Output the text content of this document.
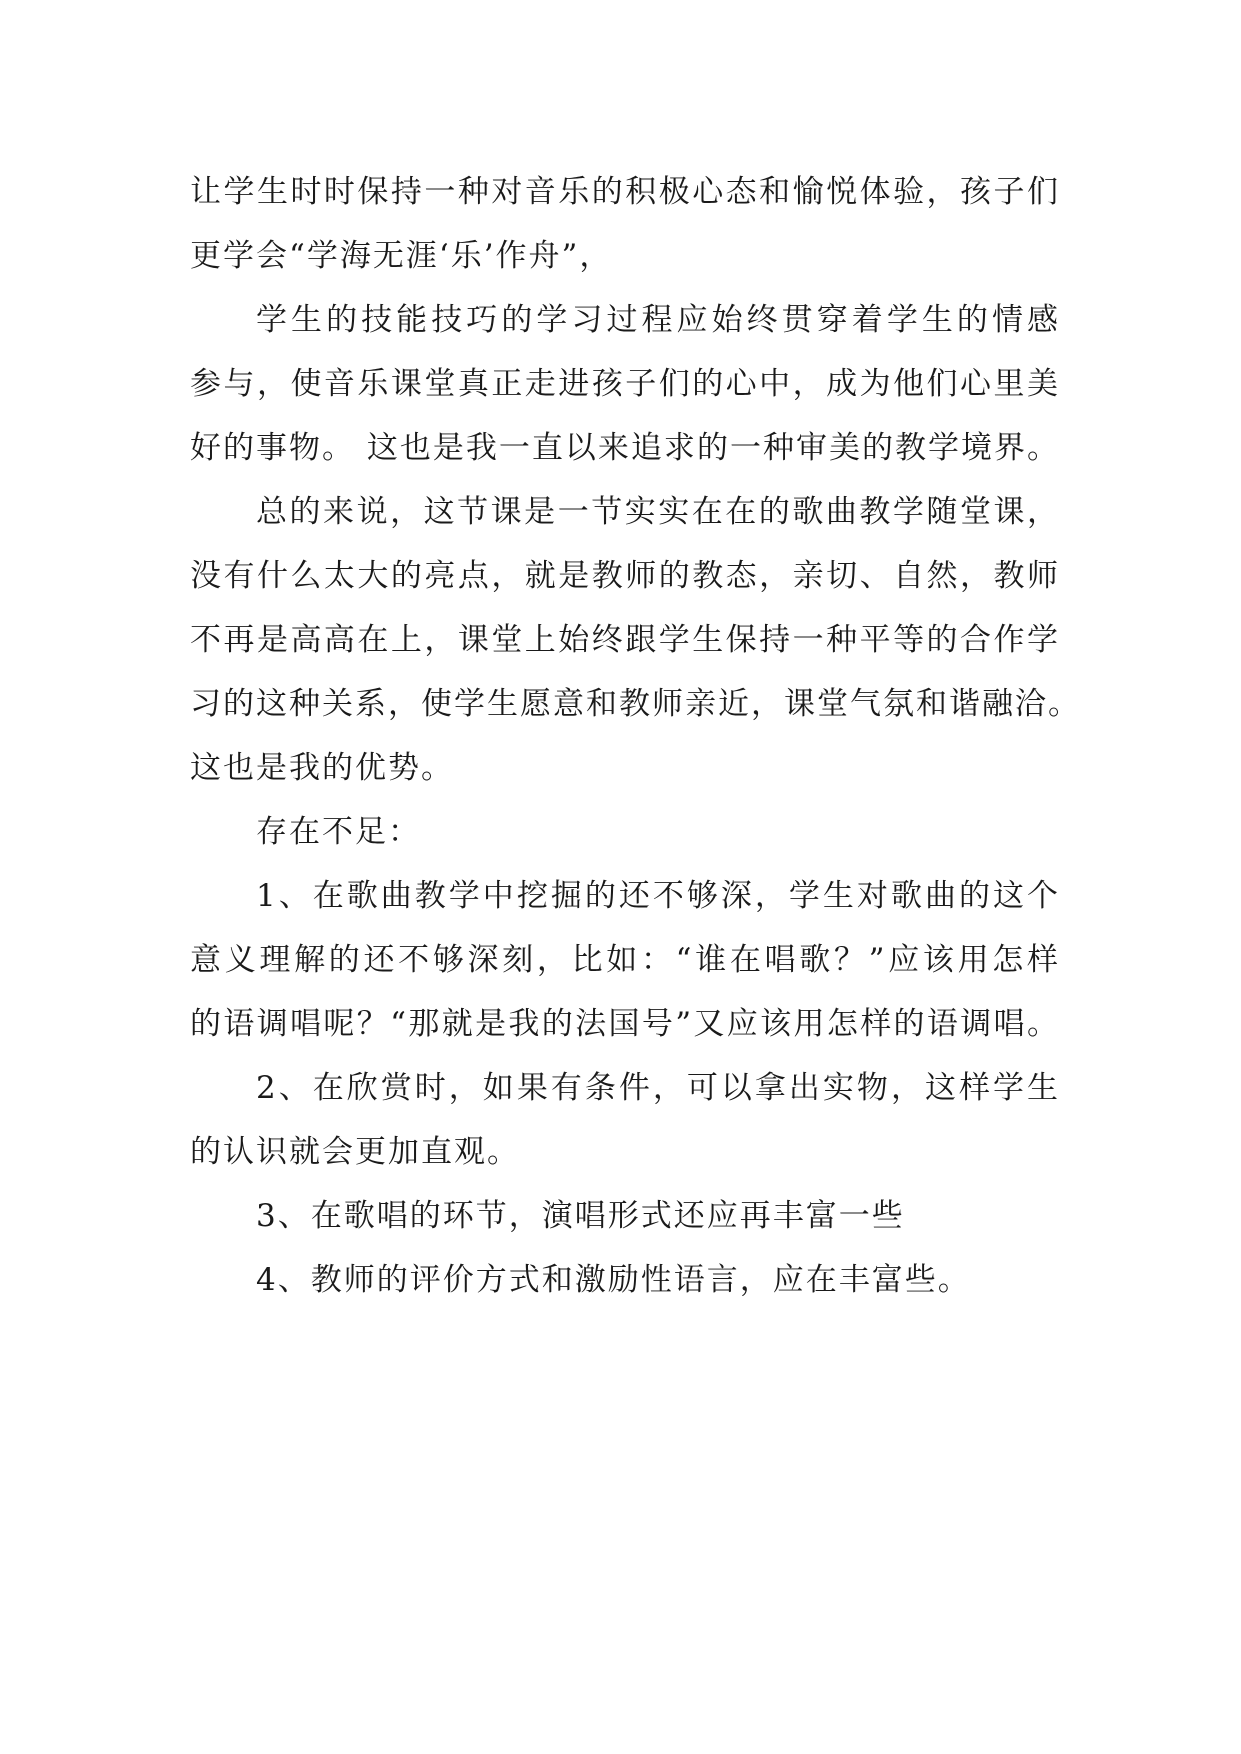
让学生时时保持一种对音乐的积极心态和愉悦体验，孩子们
更学会“学海无涯‘乐’作舟”，
学生的技能技巧的学习过程应始终贯穿着学生的情感
参与，使音乐课堂真正走进孩子们的心中，成为他们心里美
好的事物。 这也是我一直以来追求的一种审美的教学境界。
总的来说，这节课是一节实实在在的歌曲教学随堂课，
没有什么太大的亮点，就是教师的教态，亲切、自然，教师
不再是高高在上，课堂上始终跟学生保持一种平等的合作学
习的这种关系，使学生愿意和教师亲近，课堂气氛和谐融洽。
这也是我的优势。
存在不足：
1、在歌曲教学中挖掘的还不够深，学生对歌曲的这个
意义理解的还不够深刻，比如：“谁在唱歌？”应该用怎样
的语调唱呢？“那就是我的法国号”又应该用怎样的语调唱。
2、在欣赏时，如果有条件，可以拿出实物，这样学生
的认识就会更加直观。
3、在歌唱的环节，演唱形式还应再丰富一些
4、教师的评价方式和激励性语言，应在丰富些。
